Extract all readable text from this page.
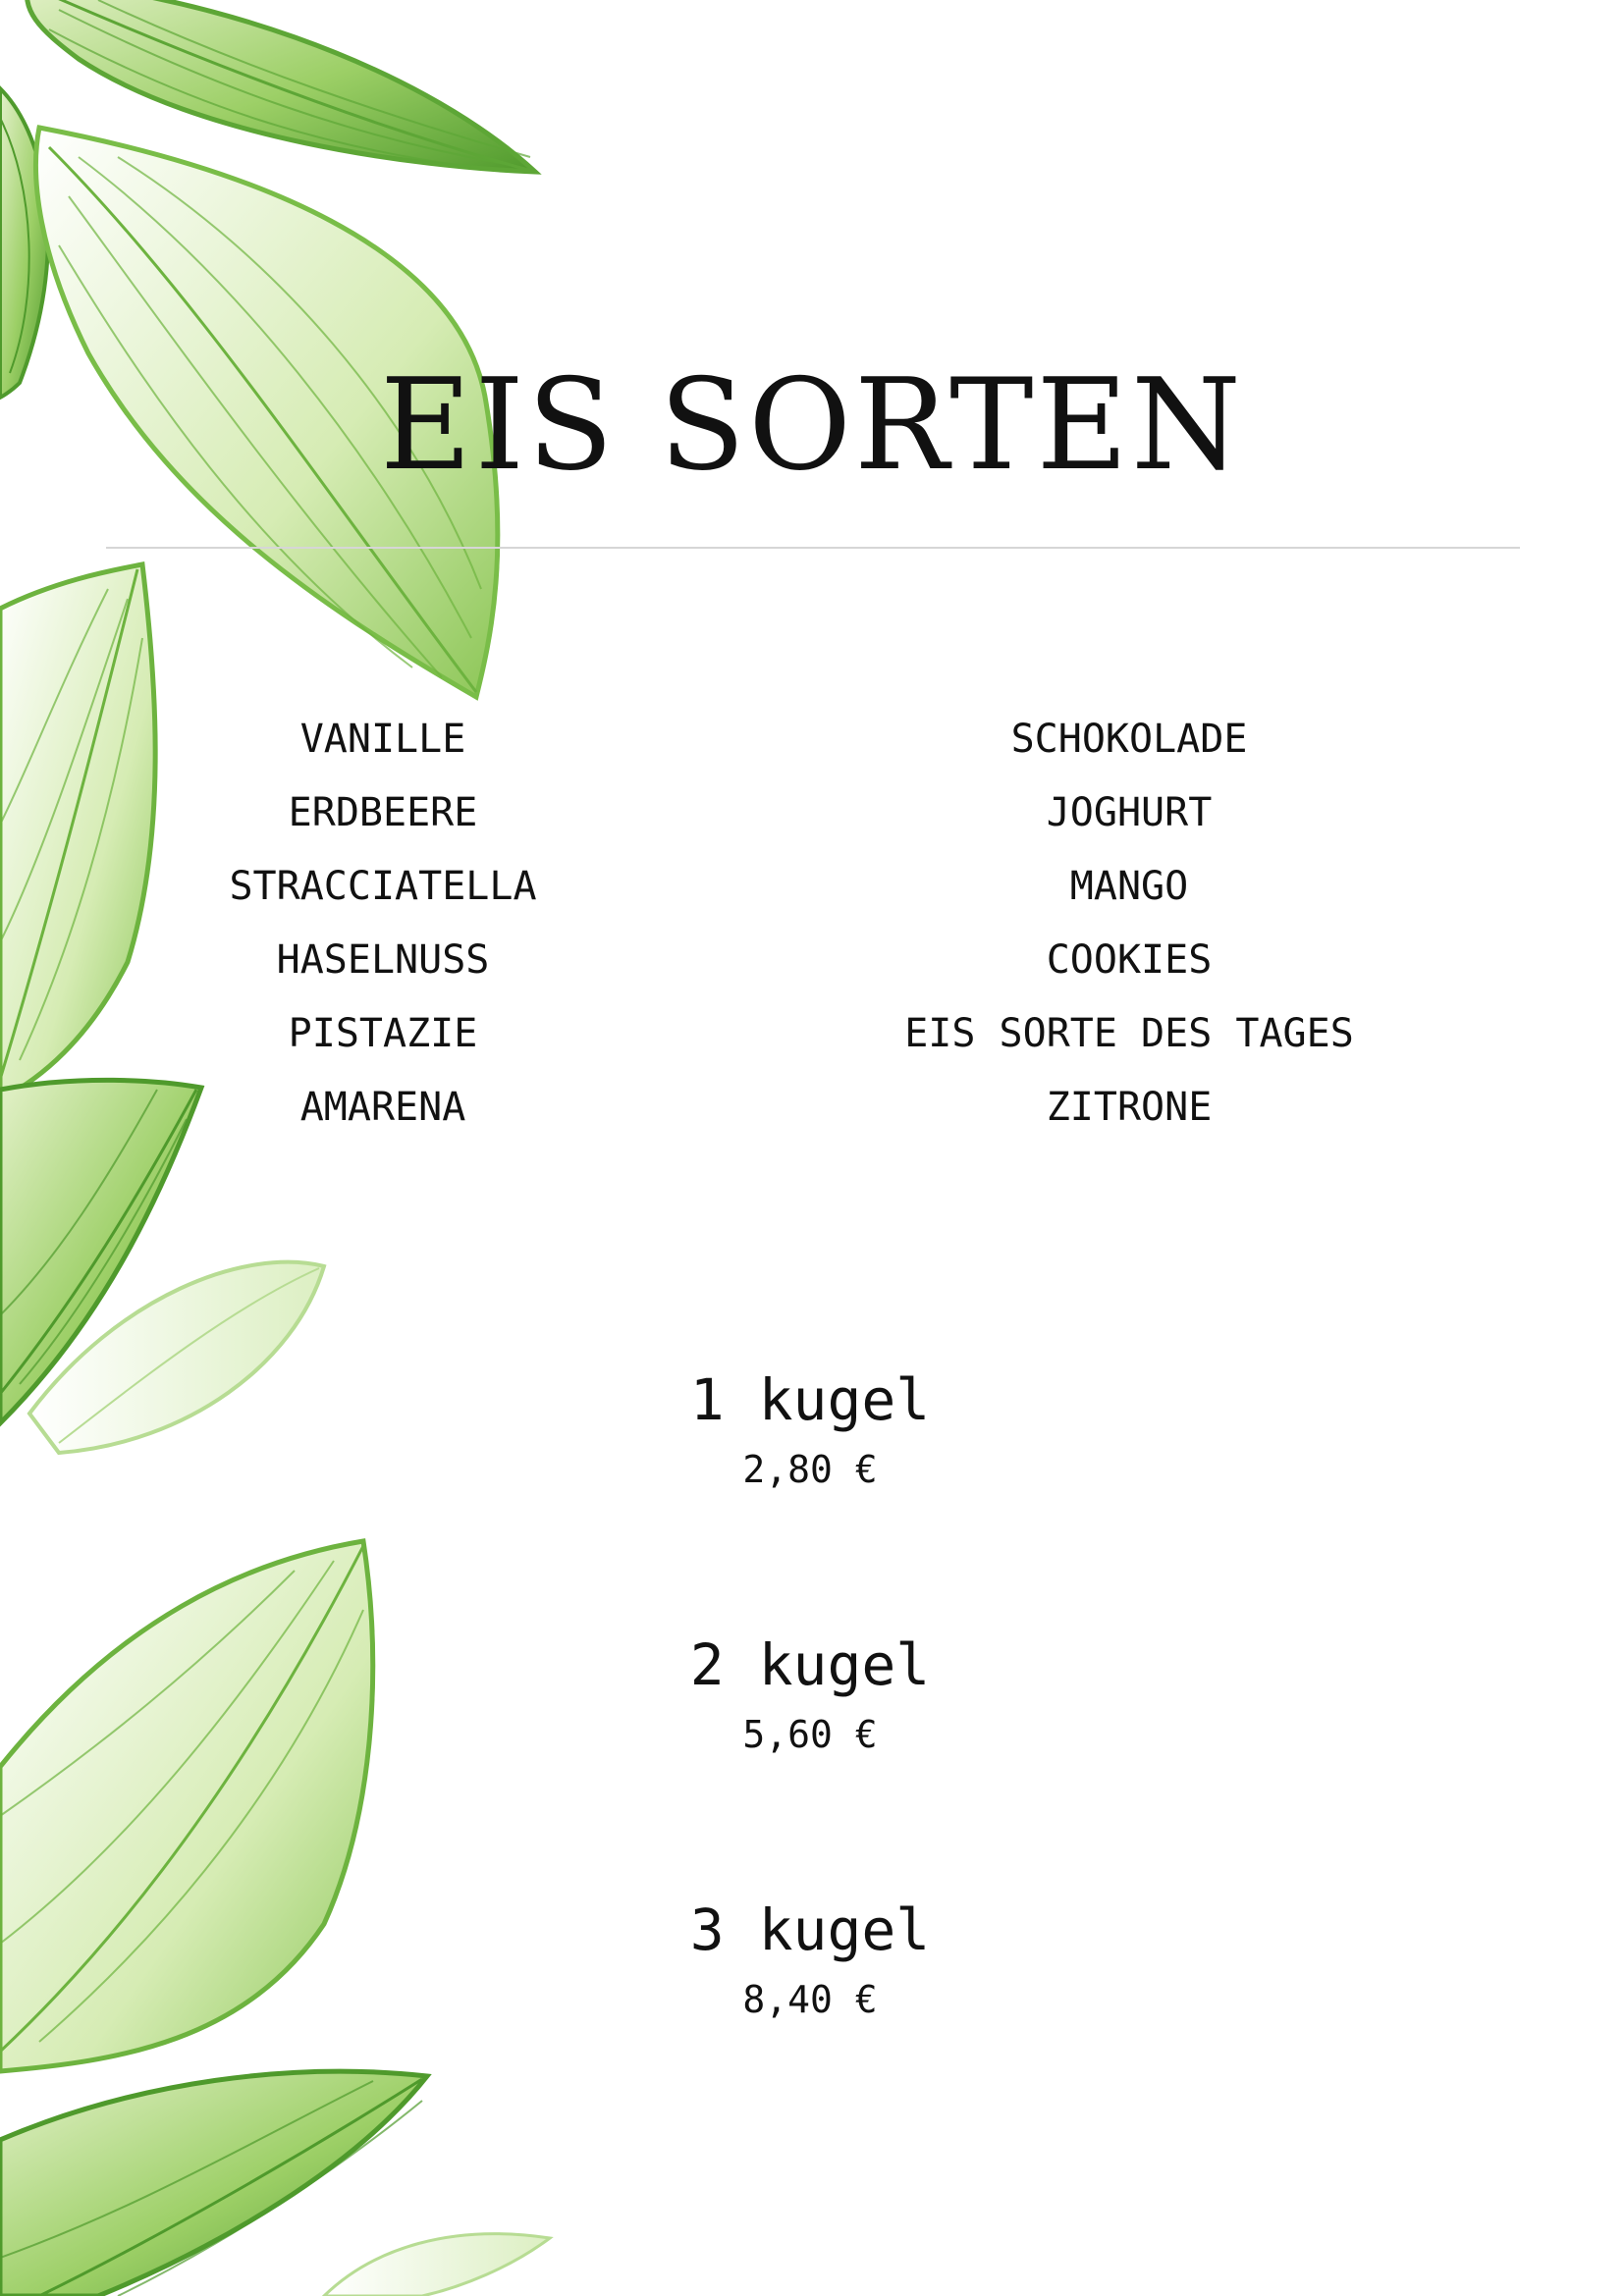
EIS SORTEN
VANILLE
ERDBEERE
STRACCIATELLA
HASELNUSS
PISTAZIE
AMARENA
SCHOKOLADE
JOGHURT
MANGO
COOKIES
EIS SORTE DES TAGES
ZITRONE
1 kugel
2,80 €
2 kugel
5,60 €
3 kugel
8,40 €
